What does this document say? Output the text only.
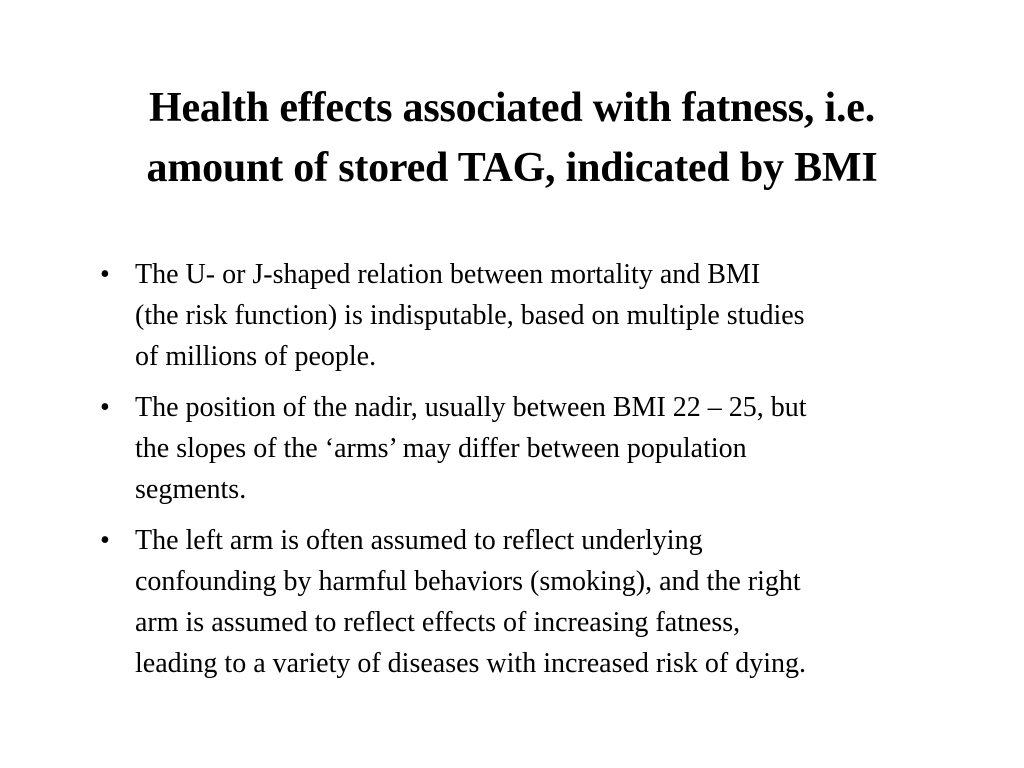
Health effects associated with fatness, i.e.
amount of stored TAG, indicated by BMI
• The U- or J-shaped relation between mortality and BMI
(the risk function) is indisputable, based on multiple studies
of millions of people.
• The position of the nadir, usually between BMI 22 – 25, but
the slopes of the ‘arms’ may differ between population
segments.
• The left arm is often assumed to reflect underlying
confounding by harmful behaviors (smoking), and the right
arm is assumed to reflect effects of increasing fatness,
leading to a variety of diseases with increased risk of dying.
